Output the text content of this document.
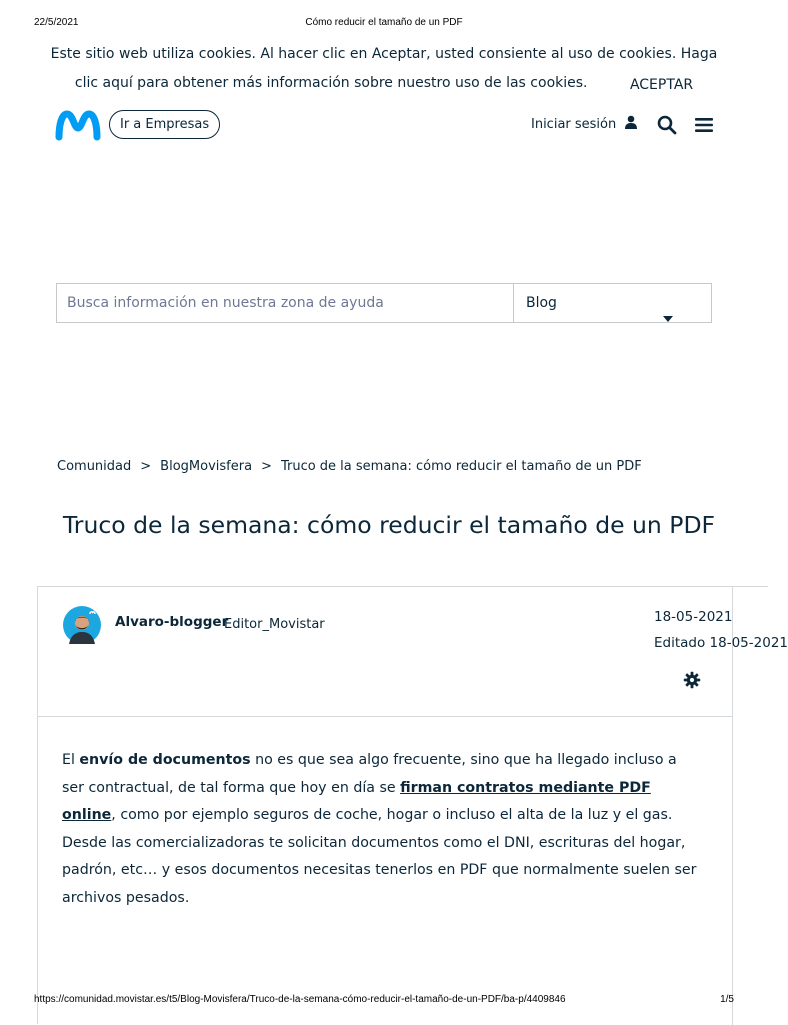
22/5/2021	Cómo reducir el tamaño de un PDF
Este sitio web utiliza cookies. Al hacer clic en Aceptar, usted consiente al uso de cookies. Haga clic aquí para obtener más información sobre nuestro uso de las cookies.	ACEPTAR
Ir a Empresas	Iniciar sesión
Busca información en nuestra zona de ayuda
Blog
Comunidad > BlogMovisfera > Truco de la semana: cómo reducir el tamaño de un PDF
Truco de la semana: cómo reducir el tamaño de un PDF
Alvaro-blogger
Editor_Movistar	18-05-2021
Editado 18-05-2021

El envío de documentos no es que sea algo frecuente, sino que ha llegado incluso a ser contractual, de tal forma que hoy en día se firman contratos mediante PDF online, como por ejemplo seguros de coche, hogar o incluso el alta de la luz y el gas. Desde las comercializadoras te solicitan documentos como el DNI, escrituras del hogar, padrón, etc… y esos documentos necesitas tenerlos en PDF que normalmente suelen ser archivos pesados.

https://comunidad.movistar.es/t5/Blog-Movisfera/Truco-de-la-semana-cómo-reducir-el-tamaño-de-un-PDF/ba-p/4409846	1/5
